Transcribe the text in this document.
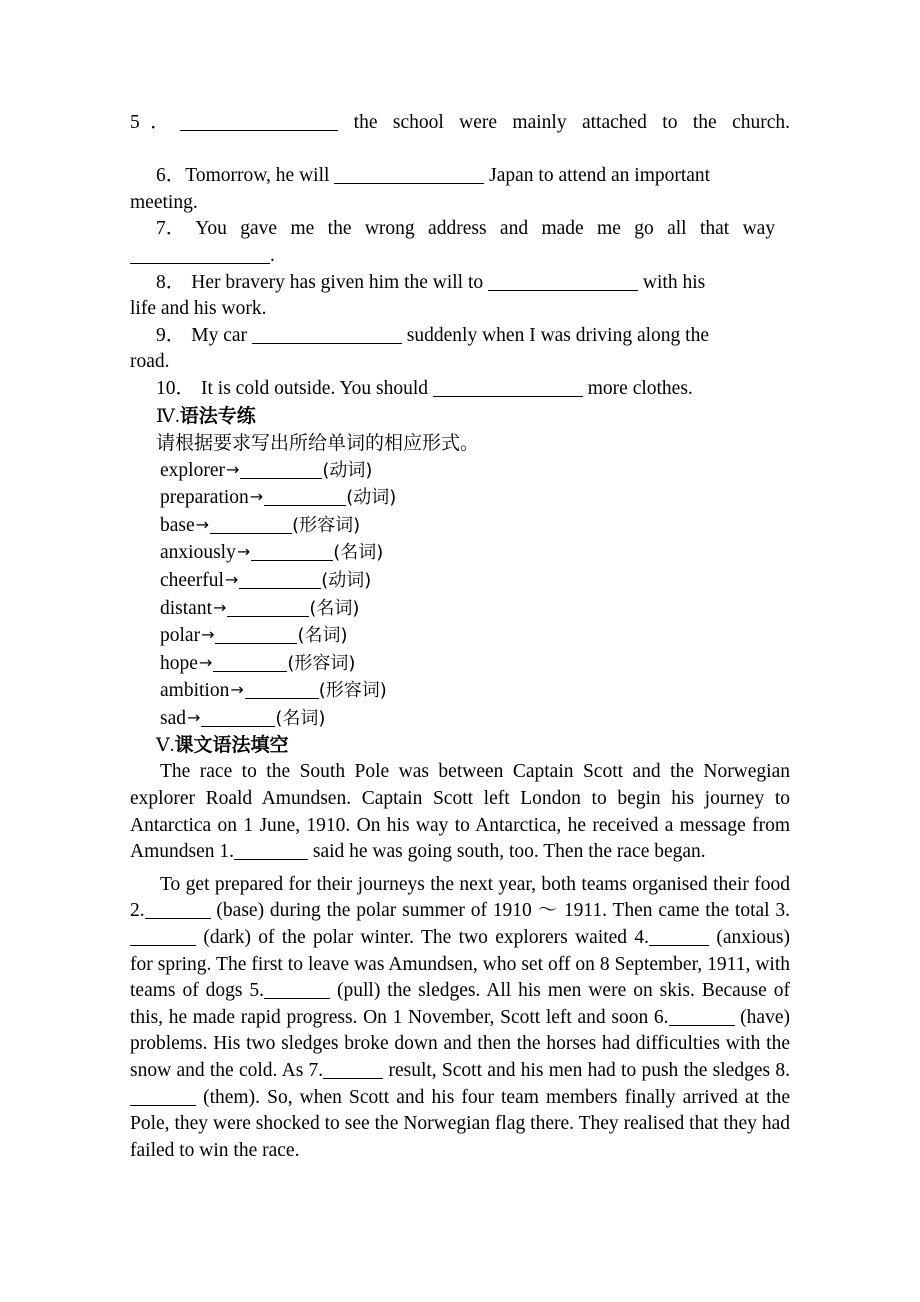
5．	the school were mainly attached to the church.

6．Tomorrow, he will	Japan to attend an importantmeeting.

7． You gave me the wrong address and made me go all that way
.

8． Her bravery has given him the will to	with his
life and his work.

9． My car	suddenly when I was driving along the
road.

10． It is cold outside. You should	more clothes.

Ⅳ.语法专练

请根据要求写出所给单词的相应形式。

explorer→	(动词)
preparation→	(动词)
base→	(形容词)
anxiously→	(名词)
cheerful→	(动词)
distant→	(名词)
polar→	(名词)
hope→	(形容词)
ambition→	(形容词)
sad→	(名词)

Ⅴ.课文语法填空

The race to the South Pole was between Captain Scott and the Norwegian explorer Roald Amundsen. Captain Scott left London to begin his journey to Antarctica on 1 June, 1910. On his way to Antarctica, he received a message from Amundsen 1.	said he was going south, too. Then the race began.

To get prepared for their journeys the next year, both teams organised their food 2.	(base) during the polar summer of 1910 ～ 1911. Then came the total 3. (dark) of the polar winter. The two explorers waited 4.	(anxious) for spring. The first to leave was Amundsen, who set off on 8 September, 1911, with teams of dogs 5.	(pull) the sledges. All his men were on skis. Because of this, he made rapid progress. On 1 November, Scott left and soon 6.	(have) problems. His two sledges broke down and then the horses had difficulties with the snow and the cold. As 7.	result, Scott and his men had to push the sledges 8. (them). So, when Scott and his four team members finally arrived at the Pole, they were shocked to see the Norwegian flag there. They realised that they had failed to win the race.
